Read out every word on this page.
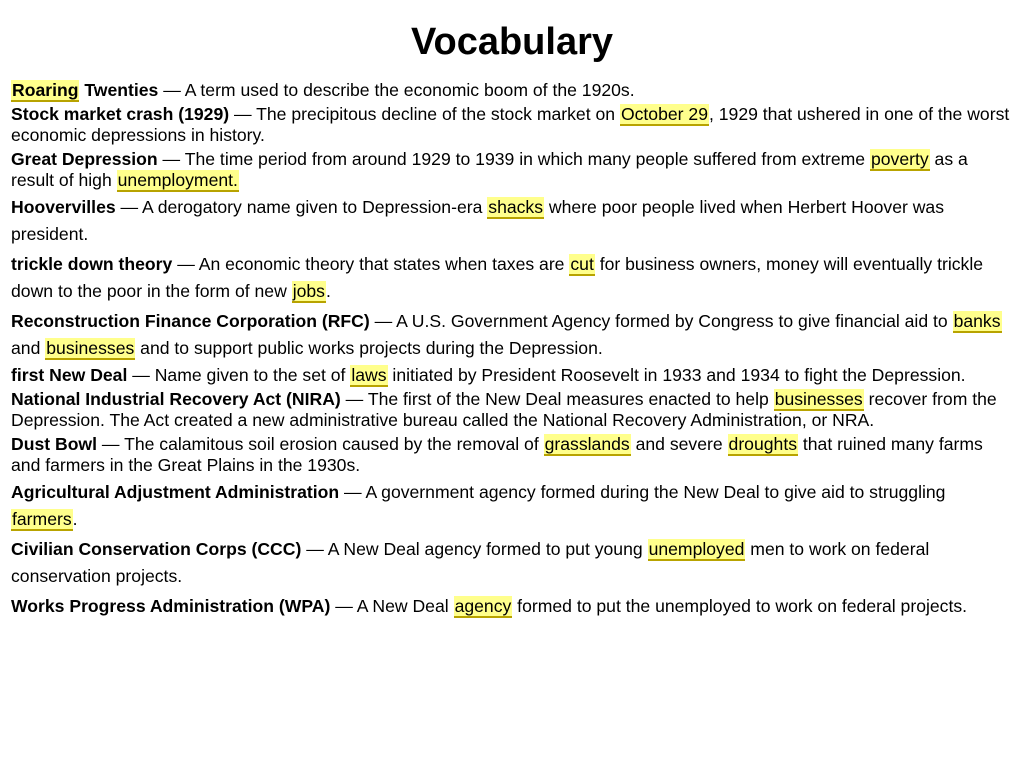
Vocabulary
Roaring Twenties — A term used to describe the economic boom of the 1920s.
Stock market crash (1929) — The precipitous decline of the stock market on October 29, 1929 that ushered in one of the worst economic depressions in history.
Great Depression — The time period from around 1929 to 1939 in which many people suffered from extreme poverty as a result of high unemployment.
Hoovervilles — A derogatory name given to Depression-era shacks where poor people lived when Herbert Hoover was president.
trickle down theory — An economic theory that states when taxes are cut for business owners, money will eventually trickle down to the poor in the form of new jobs.
Reconstruction Finance Corporation (RFC) — A U.S. Government Agency formed by Congress to give financial aid to banks and businesses and to support public works projects during the Depression.
first New Deal — Name given to the set of laws initiated by President Roosevelt in 1933 and 1934 to fight the Depression.
National Industrial Recovery Act (NIRA) — The first of the New Deal measures enacted to help businesses recover from the Depression. The Act created a new administrative bureau called the National Recovery Administration, or NRA.
Dust Bowl — The calamitous soil erosion caused by the removal of grasslands and severe droughts that ruined many farms and farmers in the Great Plains in the 1930s.
Agricultural Adjustment Administration — A government agency formed during the New Deal to give aid to struggling farmers.
Civilian Conservation Corps (CCC) — A New Deal agency formed to put young unemployed men to work on federal conservation projects.
Works Progress Administration (WPA) — A New Deal agency formed to put the unemployed to work on federal projects.
